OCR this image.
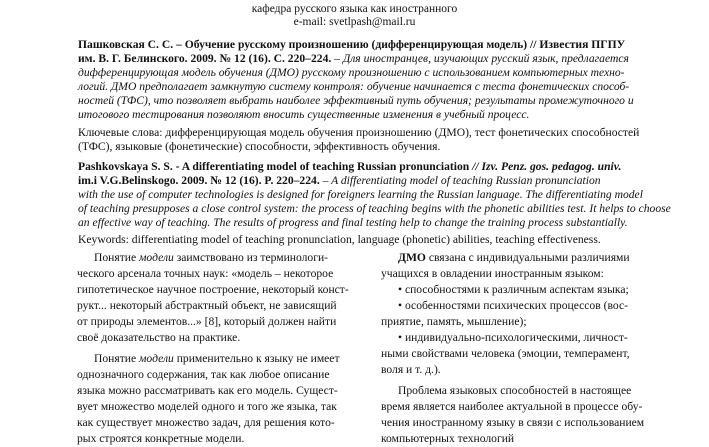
кафедра русского языка как иностранного
e-mail: svetlpash@mail.ru
Пашковская С. С. – Обучение русскому произношению (дифференцирующая модель) // Известия ПГПУ
им. В. Г. Белинского. 2009. № 12 (16). С. 220–224. – Для иностранцев, изучающих русский язык, предлагается
дифференцирующая модель обучения (ДМО) русскому произношению с использованием компьютерных техно-
логий. ДМО предполагает замкнутую систему контроля: обучение начинается с теста фонетических способ-
ностей (ТФС), что позволяет выбрать наиболее эффективный путь обучения; результаты промежуточного и
итогового тестирования позволяют вносить существенные изменения в учебный процесс.
Ключевые слова: дифференцирующая модель обучения произношению (ДМО), тест фонетических способностей
(ТФС), языковые (фонетические) способности, эффективность обучения.
Pashkovskaya S. S. - A differentiating model of teaching Russian pronunciation // Izv. Penz. gos. pedagog. univ.
im.i V.G.Belinskogo. 2009. № 12 (16). P. 220–224. – A differentiating model of teaching Russian pronunciation
with the use of computer technologies is designed for foreigners learning the Russian language. The differentiating model
of teaching presupposes a close control system: the process of teaching begins with the phonetic abilities test. It helps to choose
an effective way of teaching. The results of progress and final testing help to change the training process substantially.
Keywords: differentiating model of teaching pronunciation, language (phonetic) abilities, teaching effectiveness.
Понятие модели заимствовано из терминологи-
ческого арсенала точных наук: «модель – некоторое
гипотетическое научное построение, некоторый конст-
рукт... некоторый абстрактный объект, не зависящий
от природы элементов...» [8], который должен найти
своё доказательство на практике.
Понятие модели применительно к языку не имеет
однозначного содержания, так как любое описание
языка можно рассматривать как его модель. Сущест-
вует множество моделей одного и того же языка, так
как существует множество задач, для решения кото-
рых строятся конкретные модели.
ДМО связана с индивидуальными различиями
учащихся в овладении иностранным языком:
• способностями к различным аспектам языка;
• особенностями психических процессов (вос-
приятие, память, мышление);
• индивидуально-психологическими, личност-
ными свойствами человека (эмоции, темперамент,
воля и т. д.).
Проблема языковых способностей в настоящее
время является наиболее актуальной в процессе обу-
чения иностранному языку в связи с использованием
компьютерных технологий
